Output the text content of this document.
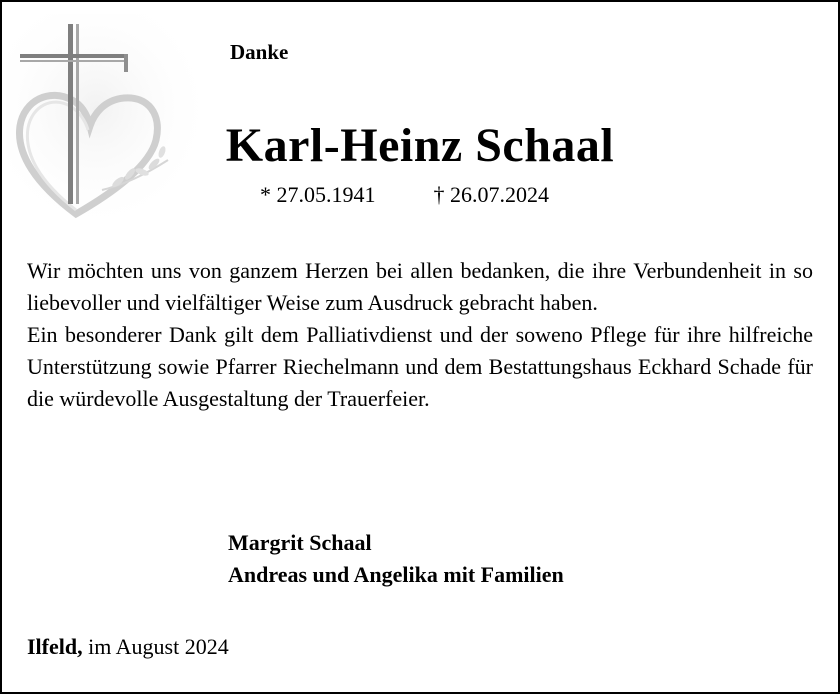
Danke
Karl-Heinz Schaal
* 27.05.1941	† 26.07.2024

Wir möchten uns von ganzem Herzen bei allen bedanken, die ihre Verbundenheit in so liebevoller und vielfältiger Weise zum Ausdruck gebracht haben.

Ein besonderer Dank gilt dem Palliativdienst und der soweno Pflege für ihre hilfreiche Unterstützung sowie Pfarrer Riechelmann und dem Bestattungshaus Eckhard Schade für die würdevolle Ausgestaltung der Trauerfeier.

Margrit Schaal
Andreas und Angelika mit Familien
Ilfeld, im August 2024
